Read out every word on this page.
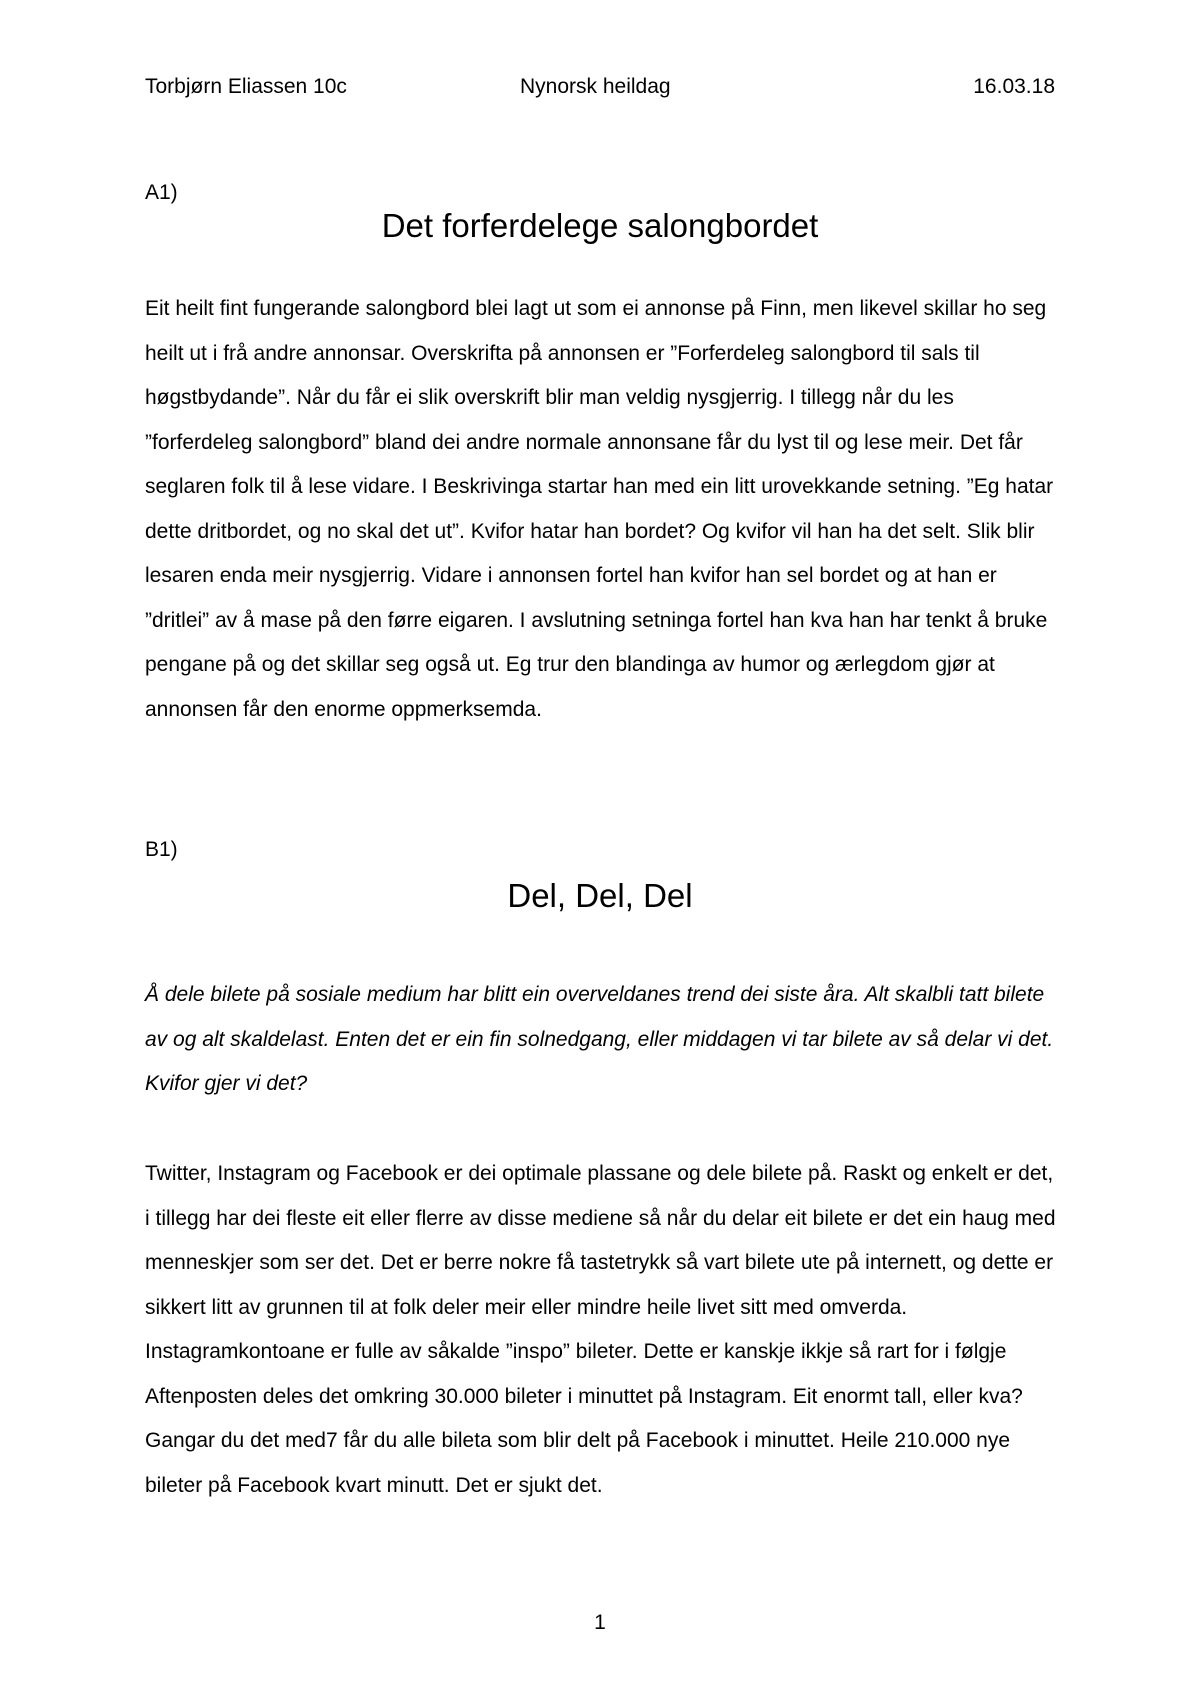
Torbjørn Eliassen 10c	Nynorsk heildag	16.03.18
A1)
Det forferdelege salongbordet

Eit heilt fint fungerande salongbord blei lagt ut som ei annonse på Finn, men likevel skillar ho seg heilt ut i frå andre annonsar. Overskrifta på annonsen er ”Forferdeleg salongbord til sals til høgstbydande”. Når du får ei slik overskrift blir man veldig nysgjerrig. I tillegg når du les ”forferdeleg salongbord” bland dei andre normale annonsane får du lyst til og lese meir. Det får seglaren folk til å lese vidare. I Beskrivinga startar han med ein litt urovekkande setning. ”Eg hatar dette dritbordet, og no skal det ut”. Kvifor hatar han bordet? Og kvifor vil han ha det selt. Slik blir lesaren enda meir nysgjerrig. Vidare i annonsen fortel han kvifor han sel bordet og at han er ”dritlei” av å mase på den førre eigaren. I avslutning setninga fortel han kva han har tenkt å bruke pengane på og det skillar seg også ut. Eg trur den blandinga av humor og ærlegdom gjør at annonsen får den enorme oppmerksemda.

B1)
Del, Del, Del

Å dele bilete på sosiale medium har blitt ein overveldanes trend dei siste åra. Alt skalbli tatt bilete av og alt skaldelast. Enten det er ein fin solnedgang, eller middagen vi tar bilete av så delar vi det. Kvifor gjer vi det?

Twitter, Instagram og Facebook er dei optimale plassane og dele bilete på. Raskt og enkelt er det, i tillegg har dei fleste eit eller flerre av disse mediene så når du delar eit bilete er det ein haug med menneskjer som ser det. Det er berre nokre få tastetrykk så vart bilete ute på internett, og dette er sikkert litt av grunnen til at folk deler meir eller mindre heile livet sitt med omverda. Instagramkontoane er fulle av såkalde ”inspo” bileter. Dette er kanskje ikkje så rart for i følgje Aftenposten deles det omkring 30.000 bileter i minuttet på Instagram. Eit enormt tall, eller kva? Gangar du det med7 får du alle bileta som blir delt på Facebook i minuttet. Heile 210.000 nye bileter på Facebook kvart minutt. Det er sjukt det.

1
